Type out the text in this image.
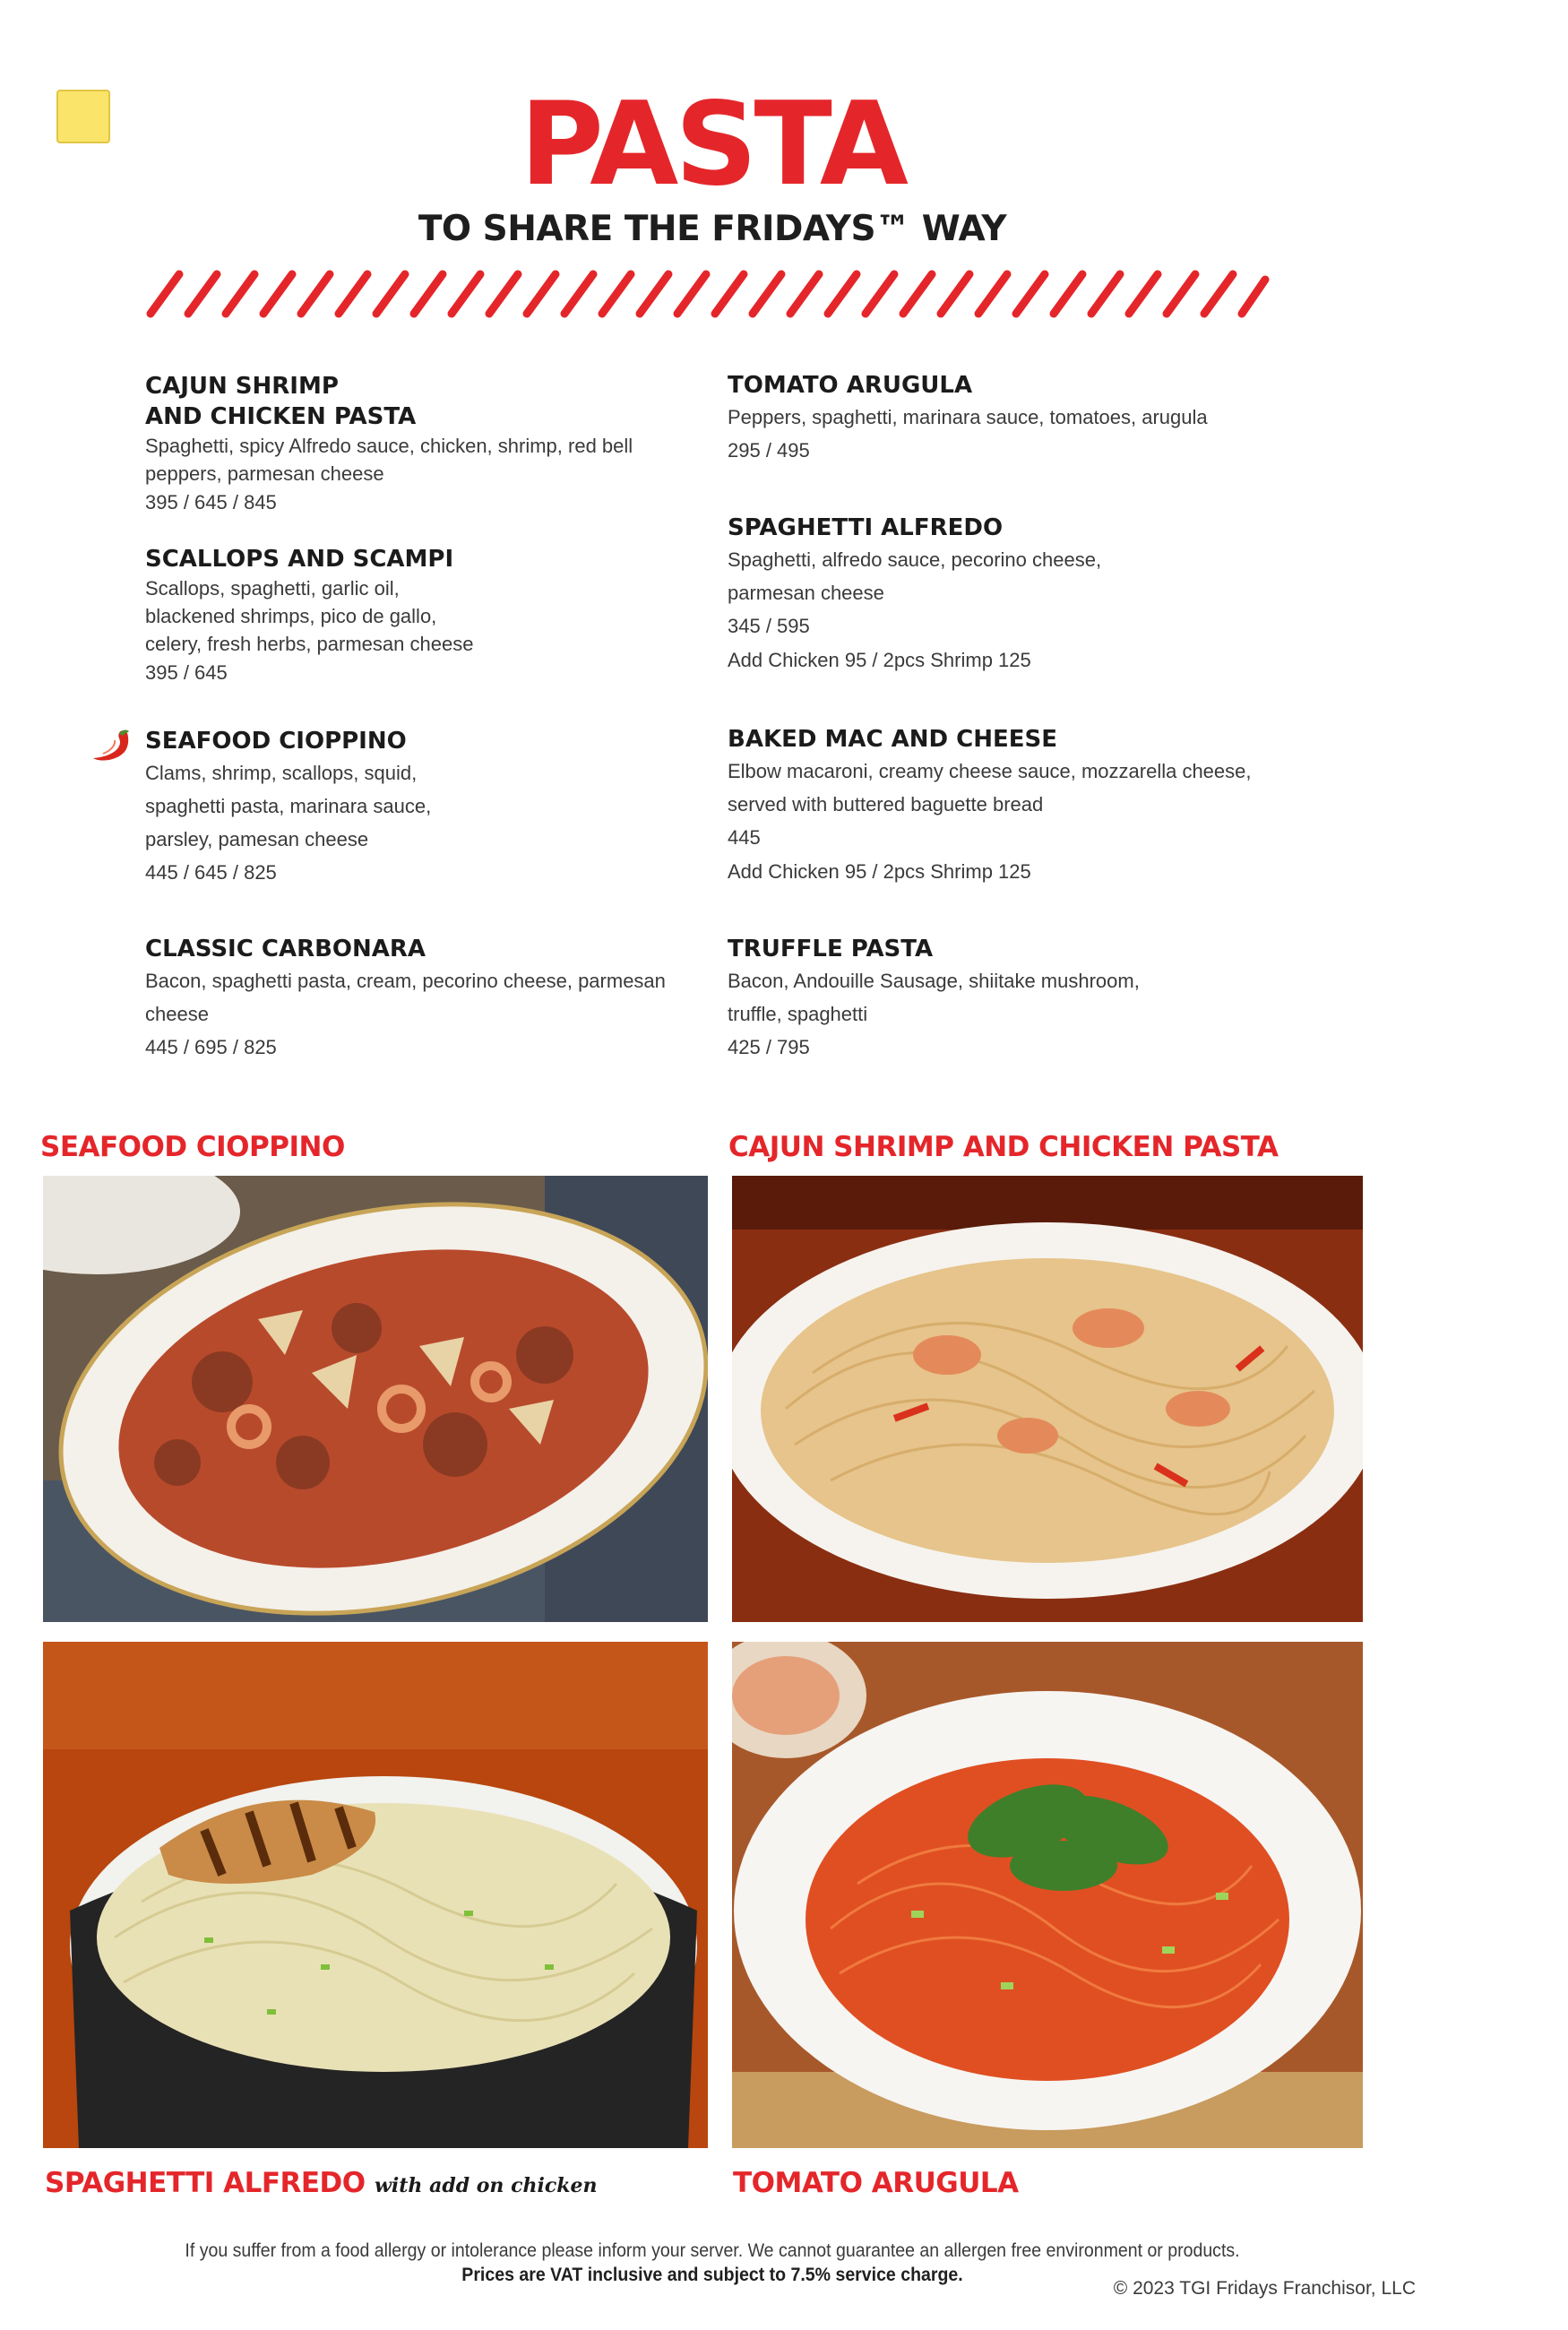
PASTA
TO SHARE THE FRIDAYS™ WAY

CAJUN SHRIMP
AND CHICKEN PASTA

Spaghetti, spicy Alfredo sauce, chicken, shrimp, red bell peppers, parmesan cheese

395 / 645 / 845

SCALLOPS AND SCAMPI

Scallops, spaghetti, garlic oil, blackened shrimps, pico de gallo, celery, fresh herbs, parmesan cheese

395 / 645

SEAFOOD CIOPPINO

Clams, shrimp, scallops, squid, spaghetti pasta, marinara sauce, parsley, pamesan cheese

445 / 645 / 825

CLASSIC CARBONARA

Bacon, spaghetti pasta, cream, pecorino cheese, parmesan cheese

445 / 695 / 825

TOMATO ARUGULA

Peppers, spaghetti, marinara sauce, tomatoes, arugula

295 / 495

SPAGHETTI ALFREDO

Spaghetti, alfredo sauce, pecorino cheese, parmesan cheese

345 / 595

Add Chicken 95 / 2pcs Shrimp 125

BAKED MAC AND CHEESE

Elbow macaroni, creamy cheese sauce, mozzarella cheese, served with buttered baguette bread

445

Add Chicken 95 / 2pcs Shrimp 125

TRUFFLE PASTA

Bacon, Andouille Sausage, shiitake mushroom, truffle, spaghetti

425 / 795

SEAFOOD CIOPPINO	CAJUN SHRIMP AND CHICKEN PASTA
SPAGHETTI ALFREDO with add on chicken	TOMATO ARUGULA
If you suffer from a food allergy or intolerance please inform your server. We cannot guarantee an allergen free environment or products.
Prices are VAT inclusive and subject to 7.5% service charge.
© 2023 TGI Fridays Franchisor, LLC
